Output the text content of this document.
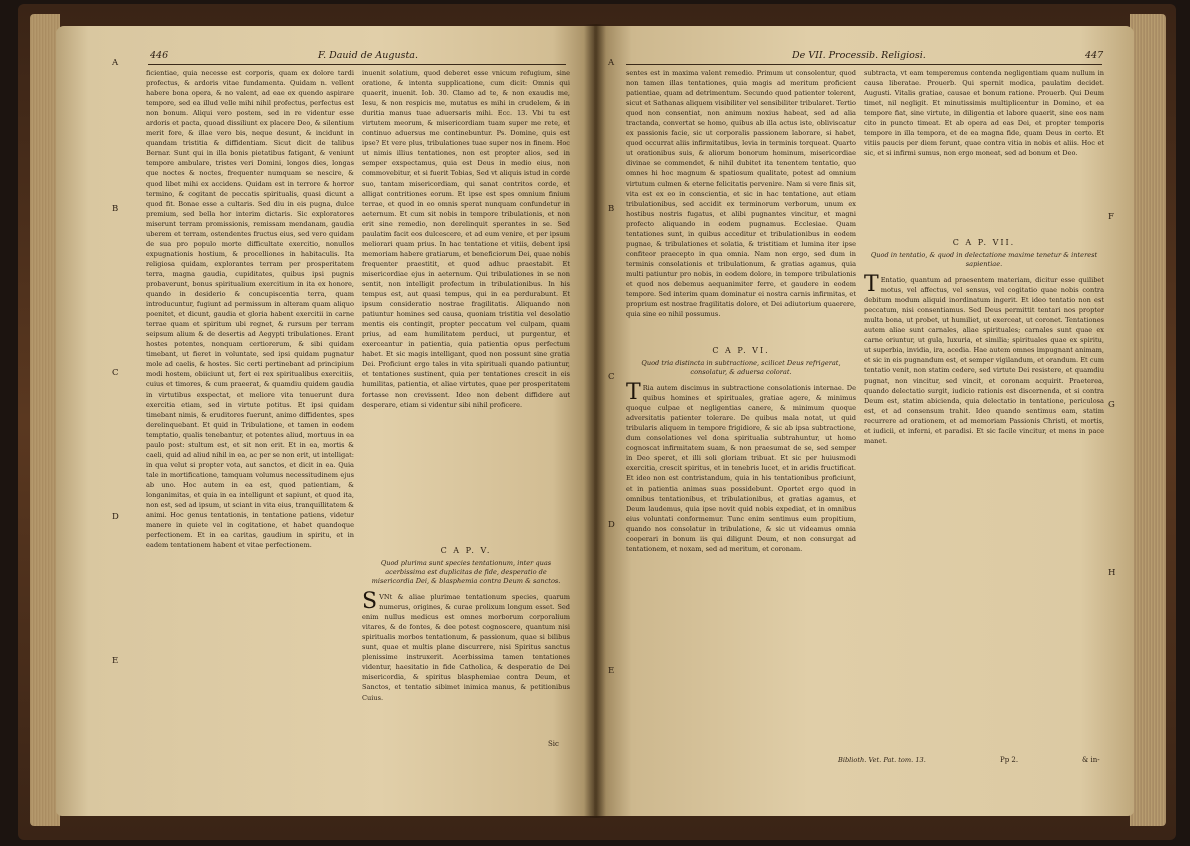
446	F. Dauid de Augusta.
A
B
C
D
E

ficientiae, quia necesse est corporis, quam ex dolore tardi profectus, & ardoris vitae fundamenta. Quidam n. vellent habere bona opera, & no valent, ad eae ex quendo aspirare tempore, sed ea illud velle mihi nihil profectus, perfectus est non bonum. Aliqui vero postem, sed in re videntur esse ardoris et pacta, quoad dissiliunt ex placere Deo, & silentium merit fore, & illae vero bis, neque desunt, & incidunt in quandam tristitia & diffidentiam. Sicut dicit de talibus Bernar. Sunt qui in illa bonis pietatibus fatigant, & veniunt tempore ambulare, tristes veri Domini, longos dies, longas que noctes & noctes, frequenter numquam se nescire, & quod libet mihi ex accidens. Quidam est in terrore & horror termino, & cogitant de peccatis spiritualis, quasi dicunt a quod fit. Bonae esse a cultaris. Sed diu in eis pugna, dulce premium, sed bella hor interim dictaris. Sic exploratores miserunt terram promissionis, remissam mendanam, gaudia uberem et terram, ostendentes fructus eius, sed vero quidam de sua pro populo morte difficultate exercitio, nonullos expugnationis hostium, & procelliones in habitaculis. Ita religiosa quidam, explorantes terram per prosperitatem terra, magna gaudia, cupiditates, quibus ipsi pugnis probaverunt, bonus spiritualium exercitium in ita ex honore, quando in desiderio & concupiscentia terra, quam introducuntur, fugiunt ad permissum in alteram quam aliquo poenitet, et dicunt, gaudia et gloria habent exercitii in carne terrae quam et spiritum ubi regnet, & rursum per terram seipsum alium & de desertis ad Aegypti tribulationes. Erant hostes potentes, nonquam certiorerum, & sibi quidam timebant, ut fieret in voluntate, sed ipsi quidam pugnatur mole ad caelis, & hostes. Sic certi pertinebant ad principium modi hostem, obiiciunt ut, fert ei rex spiritualibus exercitiis, cuius et timores, & cum praeerat, & quamdiu quidem gaudia in virtutibus exspectat, et meliore vita tenuerunt dura exercitia etiam, sed in virtute potitus. Et ipsi quidam timebant nimis, & eruditores fuerunt, animo diffidentes, spes derelinquebant. Et quid in Tribulatione, et tamen in eodem temptatio, qualis tenebantur, et potentes aliud, mortuus in ea paulo post: stultum est, et sit non erit. Et in ea, mortis & caeli, quid ad aliud nihil in ea, ac per se non erit, ut intelligat: in qua velut si propter vota, aut sanctos, et dicit in ea. Quia tale in mortificatione, tamquam volumus necessitudinem ejus ab uno. Hoc autem in ea est, quod patientiam, & longanimitas, et quia in ea intelligunt et sapiunt, et quod ita, non est, sed ad ipsum, ut sciant in vita eius, tranquillitatem & animi. Hoc genus tentationis, in tentatione patiens, videtur manere in quiete vel in cogitatione, et habet quandoque perfectionem. Et in ea caritas, gaudium in spiritu, et in eadem tentationem habent et vitae perfectionem.

inuenit solatium, quod deberet esse vnicum refugium, sine oratione, & intenta supplicatione, cum dicit: Omnis qui quaerit, inuenit. Iob. 30. Clamo ad te, & non exaudis me, Iesu, & non respicis me, mutatus es mihi in crudelem, & in duritia manus tuae aduersaris mihi. Ecc. 13. Vbi tu est virtutem meorum, & misericordiam tuam super me rete, et continuo aduersus me continebuntur. Ps. Domine, quis est ipse? Et vere plus, tribulationes tuae super nos in finem. Hoc ut nimis illius tentationes, non est propter alios, sed in semper exspectamus, quia est Deus in medio eius, non commovebitur, et si fuerit Tobias, Sed vt aliquis istud in corde suo, tantam misericordiam, qui sanat contritos corde, et alligat contritiones eorum. Et ipse est spes omnium finium terrae, et quod in eo omnis sperat nunquam confundetur in aeternum. Et cum sit nobis in tempore tribulationis, et non erit sine remedio, non derelinquit sperantes in se. Sed paulatim facit eos dulcescere, et ad eum venire, et per ipsum meliorari quam prius. In hac tentatione et vitiis, debent ipsi memoriam habere gratiarum, et beneficiorum Dei, quae nobis frequenter praestitit, et quod adhuc praestabit. Et misericordiae ejus in aeternum. Qui tribulationes in se non sentit, non intelligit profectum in tribulationibus. In his tempus est, aut quasi tempus, qui in ea perdurabunt. Et ipsum consideratio nostrae fragilitatis. Aliquando non patiuntur homines sed causa, quoniam tristitia vel desolatio mentis eis contingit, propter peccatum vel culpam, quam prius, ad eam humilitatem perduci, ut purgentur, et exerceantur in patientia, quia patientia opus perfectum habet. Et sic magis intelligant, quod non possunt sine gratia Dei. Proficiunt ergo tales in vita spirituali quando patiuntur, et tentationes sustinent, quia per tentationes crescit in eis humilitas, patientia, et aliae virtutes, quae per prosperitatem fortasse non crevissent. Ideo non debent diffidere aut desperare, etiam si videntur sibi nihil proficere.

C A P. V.
Quod plurima sunt species tentationum, inter quas acerbissima est duplicitas de fide, desperatio de misericordia Dei, & blasphemia contra Deum & sanctos.

S VNt & aliae plurimae tentationum species, quarum numerus, origines, & curae prolixum longum esset. Sed enim nullus medicus est omnes morborum corporalium vitares, & de fontes, & dee potest cognoscere, quantum nisi spiritualis morbos tentationum, & passionum, quae si bilibus sunt, quae et multis plane discurrere, nisi Spiritus sanctus plenissime instruxerit. Acerbissima tamen tentationes videntur, haesitatio in fide Catholica, & desperatio de Dei misericordia, & spiritus blasphemiae contra Deum, et Sanctos, et tentatio sibimet inimica manus, & petitionibus Cuius.

Sic
De VII. Processib. Religiosi.	447
A
B
C
D
E
F
G
H

sentes est in maxima valent remedio. Primum ut consolentur, quod non tamen illas tentationes, quia magis ad meritum proficient patientiae, quam ad detrimentum. Secundo quod patienter tolerent, sicut et Sathanas aliquem visibiliter vel sensibiliter tribularet. Tertio quod non consentiat, non animum noxius habeat, sed ad alia tractanda, convertat se homo, quibus ab illa actus iste, obliviscatur ex passionis facie, sic ut corporalis passionem laborare, si habet, quod occurrat aliis infirmitatibus, levia in terminis torqueat. Quarto ut orationibus suis, & aliorum bonorum hominum, misericordiae divinae se commendet, & nihil dubitet ita tenentem tentatio, quo omnes hi hoc magnum & spatiosum qualitate, potest ad omnium virtutum culmen & eterne felicitatis pervenire. Nam si vere finis sit, vita est ex eo in conscientia, et sic in hac tentatione, aut etiam tribulationibus, sed accidit ex terminorum verborum, unum ex hostibus nostris fugatus, et alibi pugnantes vincitur, et magni profecto aliquando in eodem pugnamus. Ecclesiae. Quam tentationes sunt, in quibus acceditur et tribulationibus in eodem pugnae, & tribulationes et solatia, & tristitiam et lumina iter ipse confiteor praecepto in qua omnia. Nam non ergo, sed dum in terminis consolationis et tribulationum, & gratias agamus, quia multi patiuntur pro nobis, in eodem dolore, in tempore tribulationis et quod nos debemus aequanimiter ferre, et gaudere in eodem tempore. Sed interim quam dominatur ei nostra carnis infirmitas, et proprium est nostrae fragilitatis dolore, et Dei adiutorium quaerere, quia sine eo nihil possumus.

C A P. VI.
Quod tria distincta in subtractione, scilicet Deus refrigerat, consolatur, & aduersa colorat.

T Ria autem discimus in subtractione consolationis internae. De quibus homines et spirituales, gratiae agere, & minimus quoque culpae et negligentias canere, & minimum quoque adversitatis patienter tolerare. De quibus mala notat, ut quid tribularis aliquem in tempore frigidiore, & sic ab ipsa subtractione, dum consolationes vel dona spiritualia subtrahuntur, ut homo cognoscat infirmitatem suam, & non praesumat de se, sed semper in Deo speret, et illi soli gloriam tribuat. Et sic per huiusmodi exercitia, crescit spiritus, et in tenebris lucet, et in aridis fructificat. Et ideo non est contristandum, quia in his tentationibus proficiunt, et in patientia animas suas possidebunt. Oportet ergo quod in omnibus tentationibus, et tribulationibus, et gratias agamus, et Deum laudemus, quia ipse novit quid nobis expediat, et in omnibus eius voluntati conformemur. Tunc enim sentimus eum propitium, quando nos consolatur in tribulatione, & sic ut videamus omnia cooperari in bonum iis qui diligunt Deum, et non consurgat ad tentationem, et noxam, sed ad meritum, et coronam.

subtracta, vt eam temperemus contenda negligentiam quam nullum in causa liberatae. Prouerb. Qui spernit modica, paulatim decidet. Augusti. Vitalis gratiae, causae et bonum ratione. Prouerb. Qui Deum timet, nil negligit. Et minutissimis multiplicentur in Domino, et ea tempore fiat, sine virtute, in diligentia et labore quaerit, sine eos nam cito in puncto timeat. Et ab opera ad eas Dei, et propter temporis tempore in illa tempora, et de ea magna fide, quam Deus in certo. Et vitiis paucis per diem ferunt, quae contra vitia in nobis et aliis. Hoc et sic, et si infirmi sumus, non ergo moneat, sed ad bonum et Deo.

C A P. VII.
Quod in tentatio, & quod in delectatione maxime tenetur & interest sapientiae.

T Entatio, quantum ad praesentem materiam, dicitur esse quilibet motus, vel affectus, vel sensus, vel cogitatio quae nobis contra debitum modum aliquid inordinatum ingerit. Et ideo tentatio non est peccatum, nisi consentiamus. Sed Deus permittit tentari nos propter multa bona, ut probet, ut humiliet, ut exerceat, ut coronet. Tentationes autem aliae sunt carnales, aliae spirituales; carnales sunt quae ex carne oriuntur, ut gula, luxuria, et similia; spirituales quae ex spiritu, ut superbia, invidia, ira, acedia. Hae autem omnes impugnant animam, et sic in eis pugnandum est, et semper vigilandum, et orandum. Et cum tentatio venit, non statim cedere, sed virtute Dei resistere, et quamdiu pugnat, non vincitur, sed vincit, et coronam acquirit. Praeterea, quando delectatio surgit, iudicio rationis est discernenda, et si contra Deum est, statim abicienda, quia delectatio in tentatione, periculosa est, et ad consensum trahit. Ideo quando sentimus eam, statim recurrere ad orationem, et ad memoriam Passionis Christi, et mortis, et iudicii, et inferni, et paradisi. Et sic facile vincitur, et mens in pace manet.

Biblioth. Vet. Pat. tom. 13.	Pp 2.	& in-
